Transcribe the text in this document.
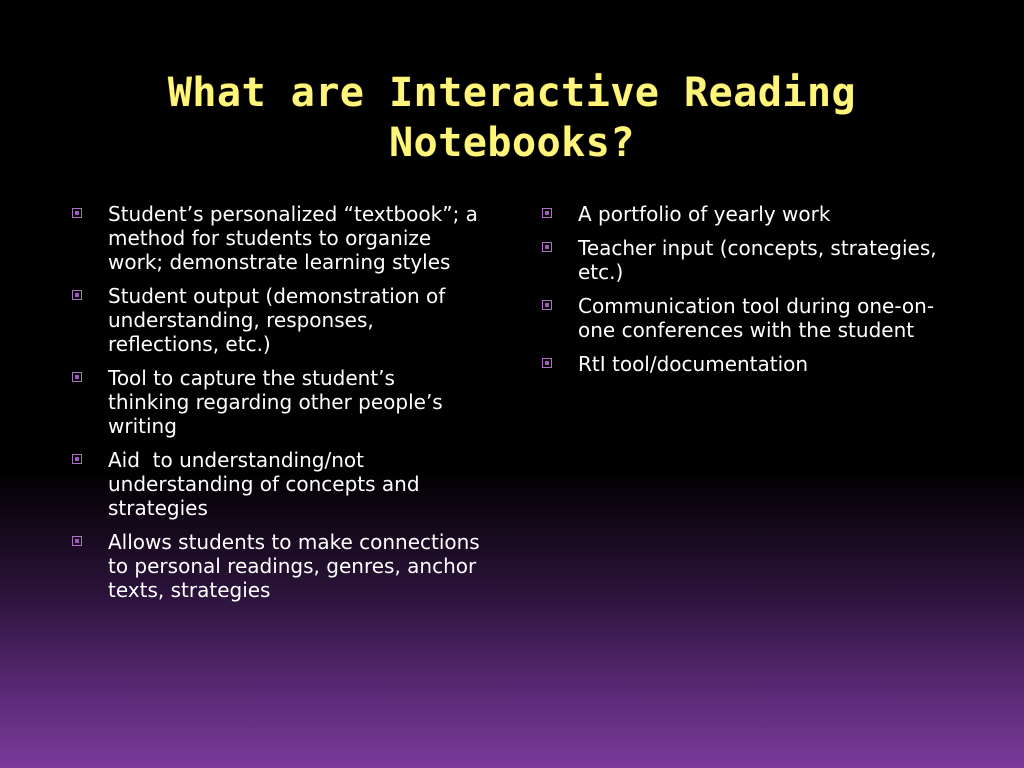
What are Interactive Reading Notebooks?
Student’s personalized “textbook”; a method for students to organize work; demonstrate learning styles
Student output (demonstration of understanding, responses, reflections, etc.)
Tool to capture the student’s thinking regarding other people’s writing
Aid  to understanding/not understanding of concepts and strategies
Allows students to make connections to personal readings, genres, anchor texts, strategies
A portfolio of yearly work
Teacher input (concepts, strategies, etc.)
Communication tool during one-on-one conferences with the student
RtI tool/documentation
